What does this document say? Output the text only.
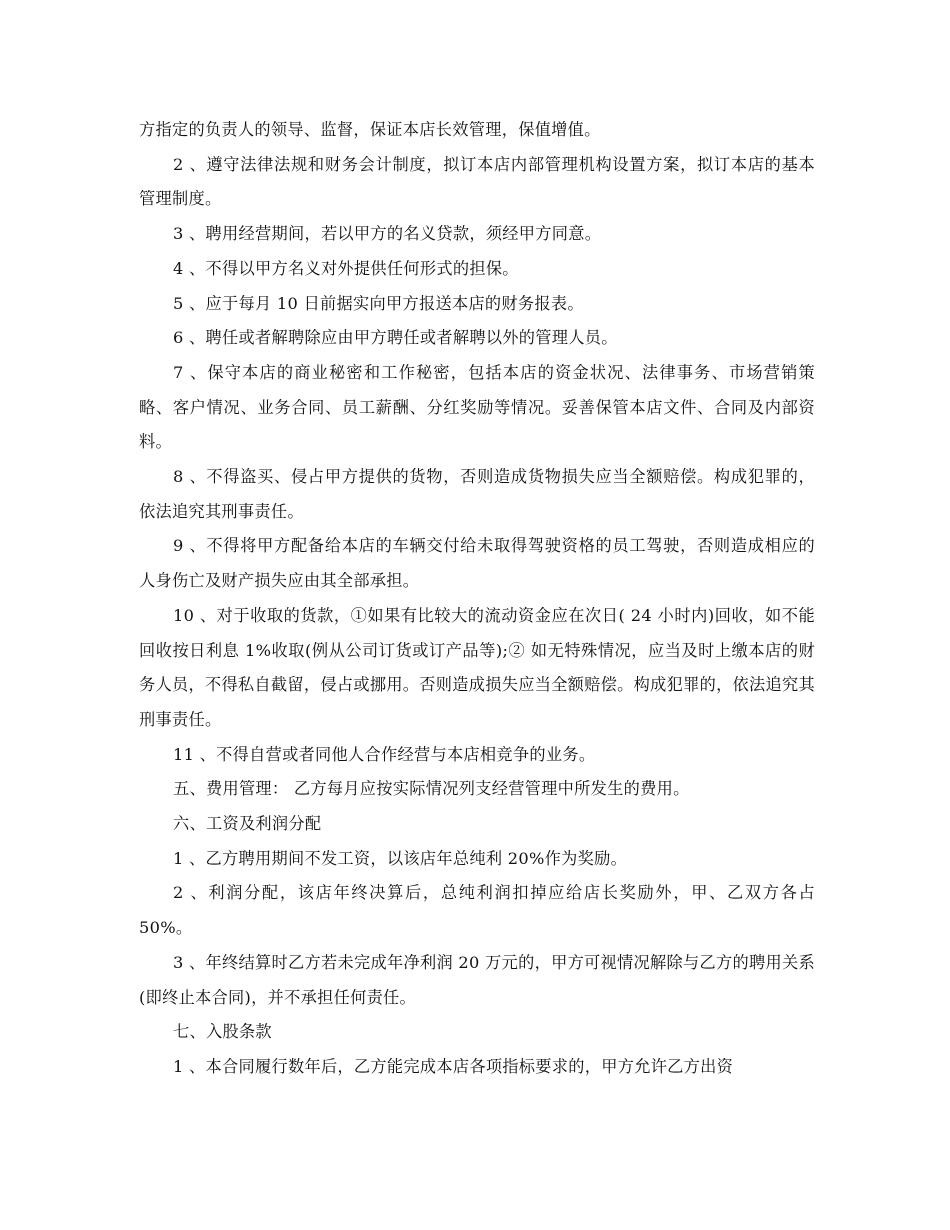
方指定的负责人的领导、监督，保证本店长效管理，保值增值。

2 、遵守法律法规和财务会计制度，拟订本店内部管理机构设置方案，拟订本店的基本管理制度。

3 、聘用经营期间，若以甲方的名义贷款，须经甲方同意。

4 、不得以甲方名义对外提供任何形式的担保。

5 、应于每月 10 日前据实向甲方报送本店的财务报表。

6 、聘任或者解聘除应由甲方聘任或者解聘以外的管理人员。

7 、保守本店的商业秘密和工作秘密，包括本店的资金状况、法律事务、市场营销策略、客户情况、业务合同、员工薪酬、分红奖励等情况。妥善保管本店文件、合同及内部资料。

8 、不得盗买、侵占甲方提供的货物，否则造成货物损失应当全额赔偿。构成犯罪的，依法追究其刑事责任。

9 、不得将甲方配备给本店的车辆交付给未取得驾驶资格的员工驾驶，否则造成相应的人身伤亡及财产损失应由其全部承担。

10 、对于收取的货款，①如果有比较大的流动资金应在次日( 24 小时内)回收，如不能回收按日利息 1%收取(例从公司订货或订产品等);② 如无特殊情况，应当及时上缴本店的财务人员，不得私自截留，侵占或挪用。否则造成损失应当全额赔偿。构成犯罪的，依法追究其刑事责任。

11 、不得自营或者同他人合作经营与本店相竞争的业务。

五、费用管理： 乙方每月应按实际情况列支经营管理中所发生的费用。

六、工资及利润分配

1 、乙方聘用期间不发工资，以该店年总纯利 20%作为奖励。

2 、利润分配，该店年终决算后，总纯利润扣掉应给店长奖励外，甲、乙双方各占 50%。

3 、年终结算时乙方若未完成年净利润 20 万元的，甲方可视情况解除与乙方的聘用关系(即终止本合同)，并不承担任何责任。

七、入股条款

1 、本合同履行数年后，乙方能完成本店各项指标要求的，甲方允许乙方出资
